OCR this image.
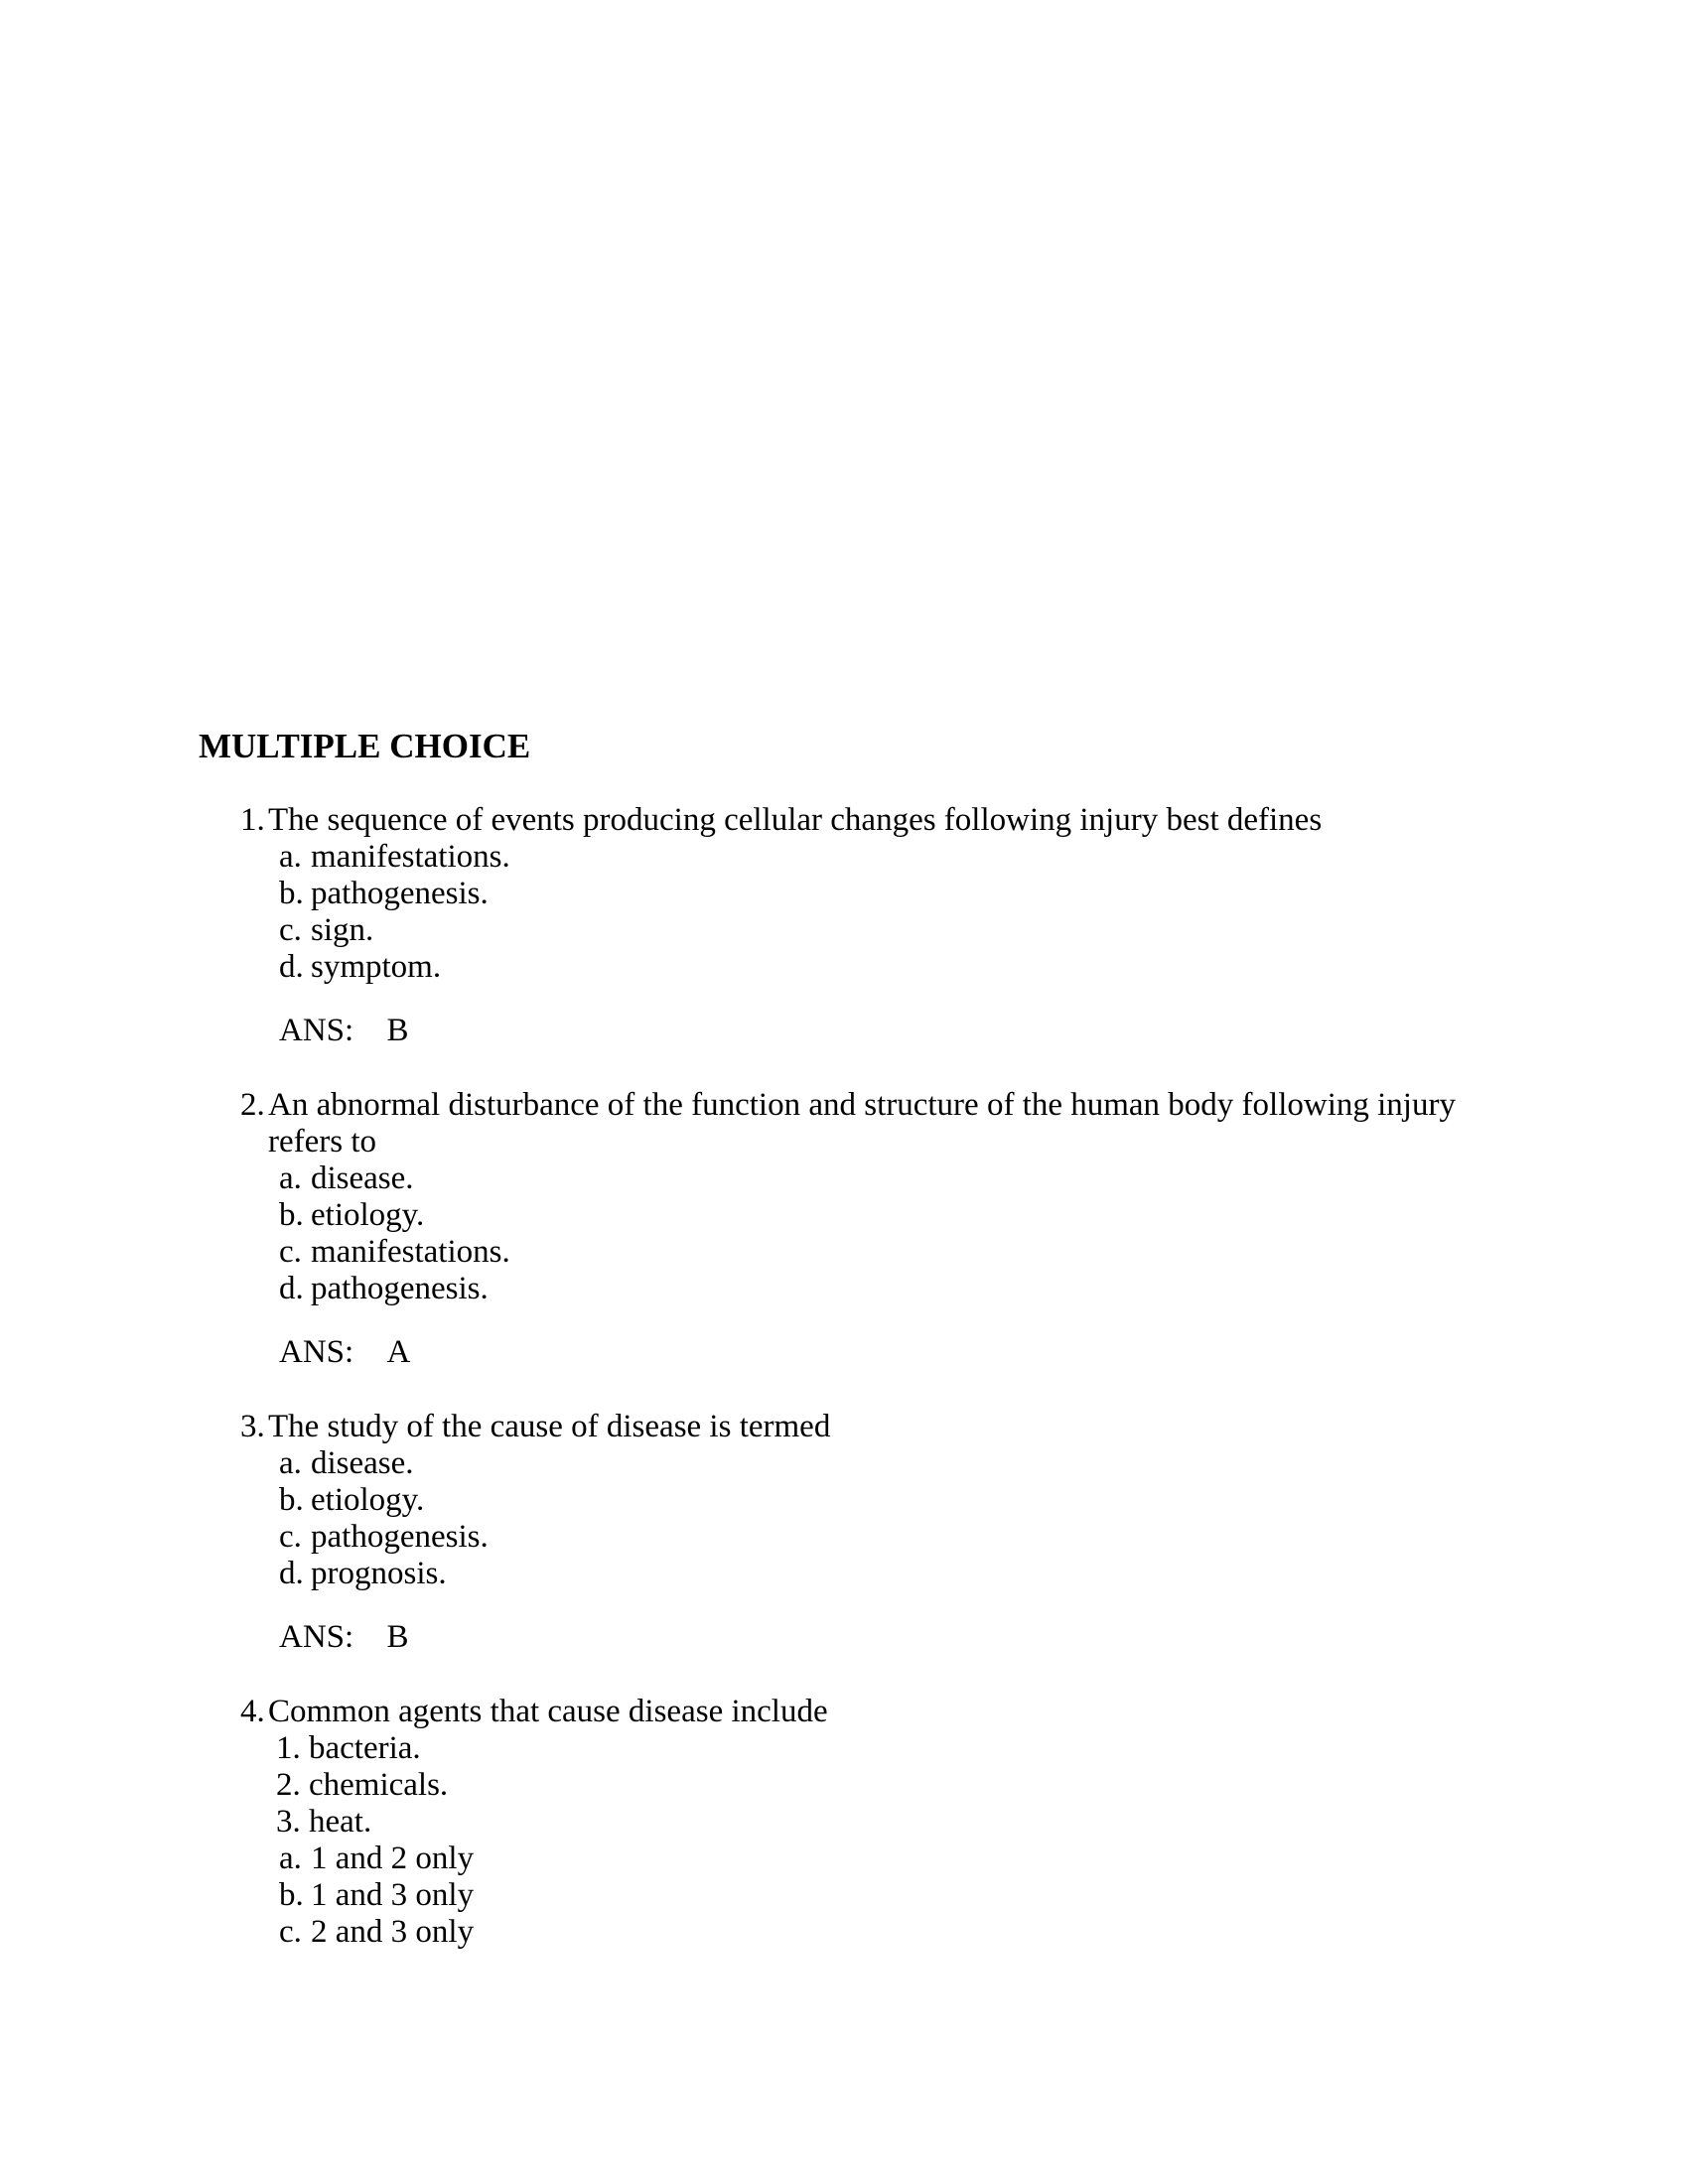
MULTIPLE CHOICE
1. The sequence of events producing cellular changes following injury best defines
a. manifestations.
b. pathogenesis.
c. sign.
d. symptom.
ANS: B
2. An abnormal disturbance of the function and structure of the human body following injury
refers to
a. disease.
b. etiology.
c. manifestations.
d. pathogenesis.
ANS: A
3. The study of the cause of disease is termed
a. disease.
b. etiology.
c. pathogenesis.
d. prognosis.
ANS: B
4. Common agents that cause disease include
1. bacteria.
2. chemicals.
3. heat.
a. 1 and 2 only
b. 1 and 3 only
c. 2 and 3 only
